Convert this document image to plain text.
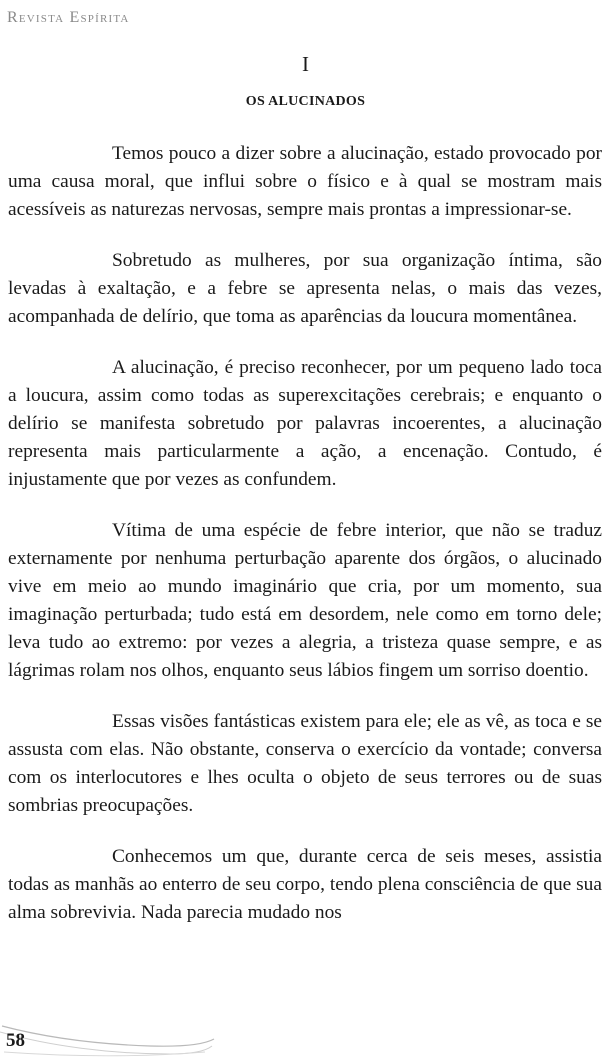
Revista Espírita
I
OS ALUCINADOS

Temos pouco a dizer sobre a alucinação, estado provocado por uma causa moral, que influi sobre o físico e à qual se mostram mais acessíveis as naturezas nervosas, sempre mais prontas a impressionar-se.

Sobretudo as mulheres, por sua organização íntima, são levadas à exaltação, e a febre se apresenta nelas, o mais das vezes, acompanhada de delírio, que toma as aparências da loucura momentânea.

A alucinação, é preciso reconhecer, por um pequeno lado toca a loucura, assim como todas as superexcitações cerebrais; e enquanto o delírio se manifesta sobretudo por palavras incoerentes, a alucinação representa mais particularmente a ação, a encenação. Contudo, é injustamente que por vezes as confundem.

Vítima de uma espécie de febre interior, que não se traduz externamente por nenhuma perturbação aparente dos órgãos, o alucinado vive em meio ao mundo imaginário que cria, por um momento, sua imaginação perturbada; tudo está em desordem, nele como em torno dele; leva tudo ao extremo: por vezes a alegria, a tristeza quase sempre, e as lágrimas rolam nos olhos, enquanto seus lábios fingem um sorriso doentio.

Essas visões fantásticas existem para ele; ele as vê, as toca e se assusta com elas. Não obstante, conserva o exercício da vontade; conversa com os interlocutores e lhes oculta o objeto de seus terrores ou de suas sombrias preocupações.

Conhecemos um que, durante cerca de seis meses, assistia todas as manhãs ao enterro de seu corpo, tendo plena consciência de que sua alma sobrevivia. Nada parecia mudado nos

58
